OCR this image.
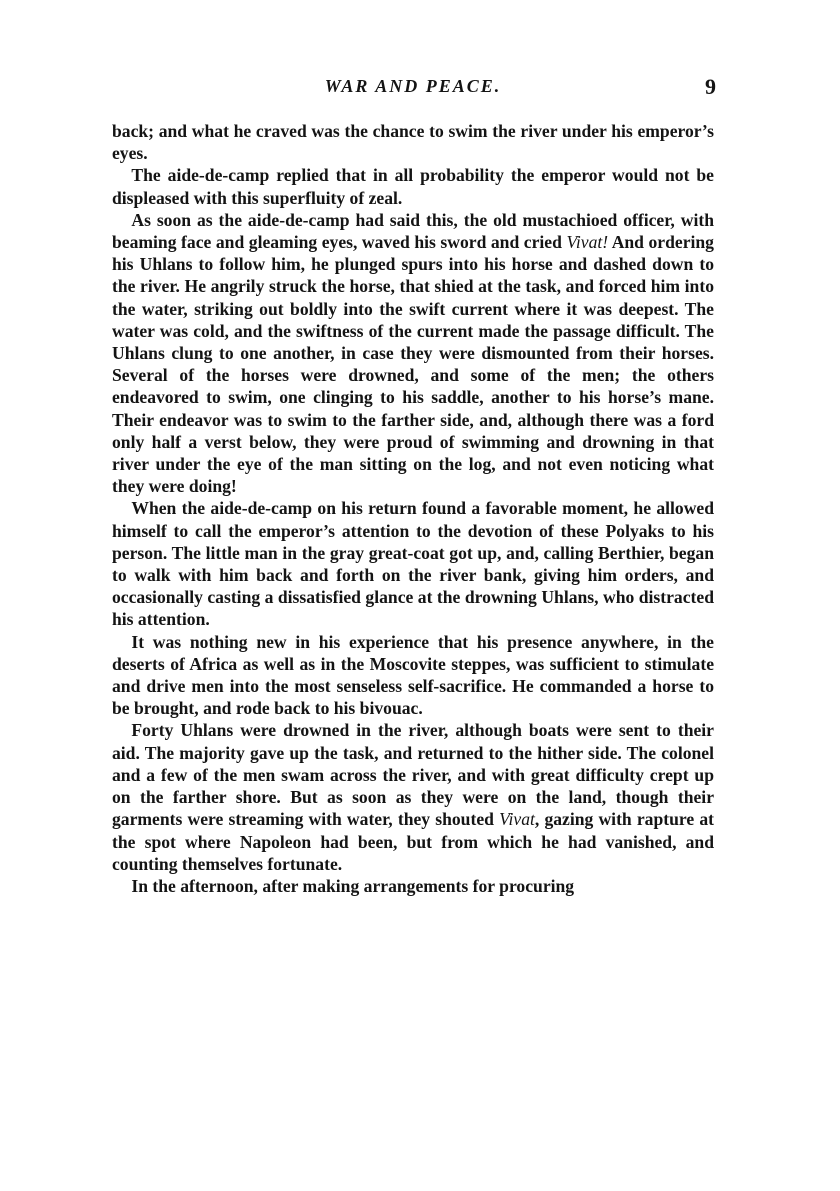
WAR AND PEACE.	9

back; and what he craved was the chance to swim the river under his emperor’s eyes.

The aide-de-camp replied that in all probability the emperor would not be displeased with this superfluity of zeal.

As soon as the aide-de-camp had said this, the old mustachioed officer, with beaming face and gleaming eyes, waved his sword and cried Vivat! And ordering his Uhlans to follow him, he plunged spurs into his horse and dashed down to the river. He angrily struck the horse, that shied at the task, and forced him into the water, striking out boldly into the swift current where it was deepest. The water was cold, and the swiftness of the current made the passage difficult. The Uhlans clung to one another, in case they were dismounted from their horses. Several of the horses were drowned, and some of the men; the others endeavored to swim, one clinging to his saddle, another to his horse’s mane. Their endeavor was to swim to the farther side, and, although there was a ford only half a verst below, they were proud of swimming and drowning in that river under the eye of the man sitting on the log, and not even noticing what they were doing!

When the aide-de-camp on his return found a favorable moment, he allowed himself to call the emperor’s attention to the devotion of these Polyaks to his person. The little man in the gray great-coat got up, and, calling Berthier, began to walk with him back and forth on the river bank, giving him orders, and occasionally casting a dissatisfied glance at the drowning Uhlans, who distracted his attention.

It was nothing new in his experience that his presence anywhere, in the deserts of Africa as well as in the Moscovite steppes, was sufficient to stimulate and drive men into the most senseless self-sacrifice. He commanded a horse to be brought, and rode back to his bivouac.

Forty Uhlans were drowned in the river, although boats were sent to their aid. The majority gave up the task, and returned to the hither side. The colonel and a few of the men swam across the river, and with great difficulty crept up on the farther shore. But as soon as they were on the land, though their garments were streaming with water, they shouted Vivat, gazing with rapture at the spot where Napoleon had been, but from which he had vanished, and counting themselves fortunate.

In the afternoon, after making arrangements for procuring
